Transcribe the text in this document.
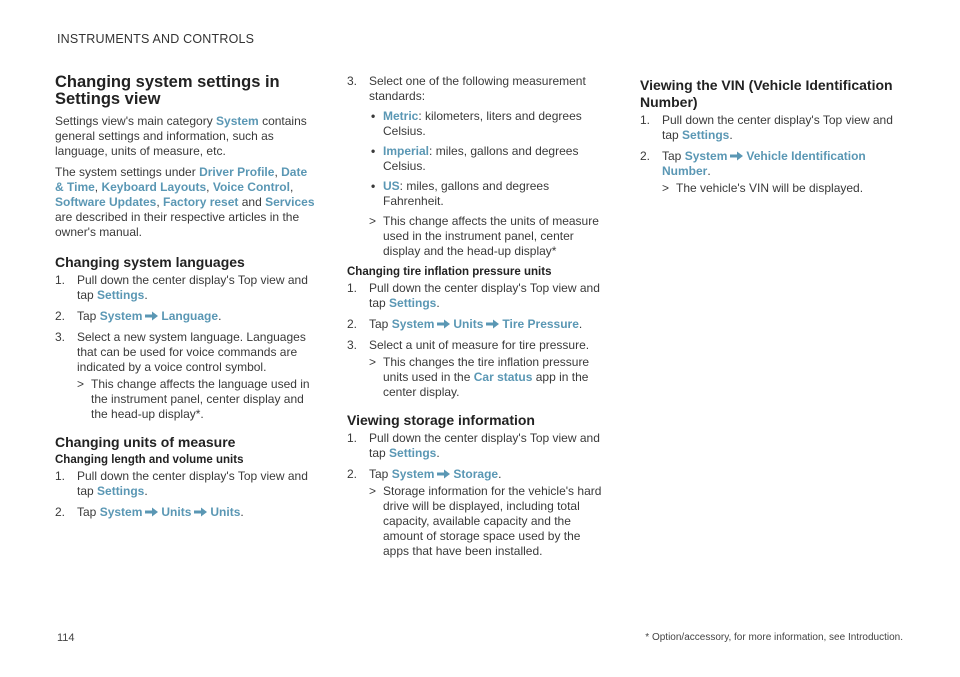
INSTRUMENTS AND CONTROLS
Changing system settings in Settings view

Settings view's main category System contains general settings and information, such as language, units of measure, etc.

The system settings under Driver Profile, Date & Time, Keyboard Layouts, Voice Control, Software Updates, Factory reset and Services are described in their respective articles in the owner's manual.

Changing system languages
1. Pull down the center display's Top view and tap Settings.
2. Tap System Language.
3. Select a new system language. Languages that can be used for voice commands are indicated by a voice control symbol.
> This change affects the language used in the instrument panel, center display and the head-up display*.
Changing units of measure
Changing length and volume units
1. Pull down the center display's Top view and tap Settings.
2. Tap System Units Units.
3. Select one of the following measurement standards:
• Metric: kilometers, liters and degrees Celsius.
• Imperial: miles, gallons and degrees Celsius.
• US: miles, gallons and degrees Fahrenheit.
> This change affects the units of measure used in the instrument panel, center display and the head-up display*
Changing tire inflation pressure units
1. Pull down the center display's Top view and tap Settings.
2. Tap System Units Tire Pressure.
3. Select a unit of measure for tire pressure.
> This changes the tire inflation pressure units used in the Car status app in the center display.
Viewing storage information
1. Pull down the center display's Top view and tap Settings.
2. Tap System Storage.
> Storage information for the vehicle's hard drive will be displayed, including total capacity, available capacity and the amount of storage space used by the apps that have been installed.
Viewing the VIN (Vehicle Identification Number)
1. Pull down the center display's Top view and tap Settings.
2. Tap System Vehicle Identification Number.
> The vehicle's VIN will be displayed.
114	* Option/accessory, for more information, see Introduction.
